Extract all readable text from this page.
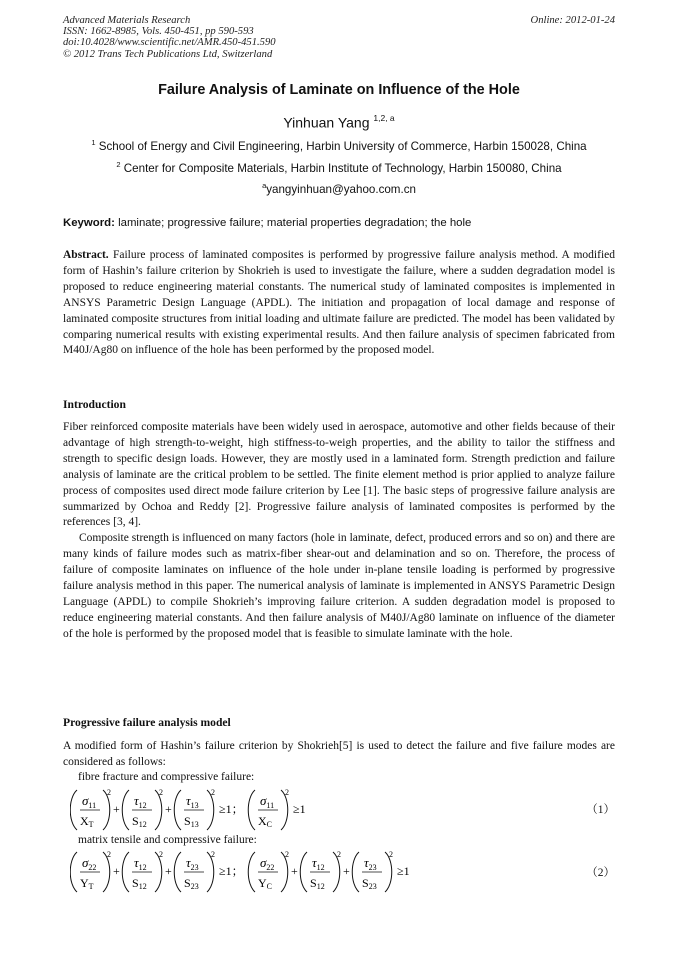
Advanced Materials Research
ISSN: 1662-8985, Vols. 450-451, pp 590-593
doi:10.4028/www.scientific.net/AMR.450-451.590
© 2012 Trans Tech Publications Ltd, Switzerland
Online: 2012-01-24
Failure Analysis of Laminate on Influence of the Hole
Yinhuan Yang $^{1,2, a}$
$^1$ School of Energy and Civil Engineering, Harbin University of Commerce, Harbin 150028, China
$^2$ Center for Composite Materials, Harbin Institute of Technology, Harbin 150080, China
$^a$yangyinhuan@yahoo.com.cn
Keyword: laminate; progressive failure; material properties degradation; the hole
Abstract. Failure process of laminated composites is performed by progressive failure analysis method. A modified form of Hashin’s failure criterion by Shokrieh is used to investigate the failure, where a sudden degradation model is proposed to reduce engineering material constants. The numerical study of laminated composites is implemented in ANSYS Parametric Design Language (APDL). The initiation and propagation of local damage and response of laminated composite structures from initial loading and ultimate failure are predicted. The model has been validated by comparing numerical results with existing experimental results. And then failure analysis of specimen fabricated from M40J/Ag80 on influence of the hole has been performed by the proposed model.
Introduction
Fiber reinforced composite materials have been widely used in aerospace, automotive and other fields because of their advantage of high strength-to-weight, high stiffness-to-weigh properties, and the ability to tailor the stiffness and strength to specific design loads. However, they are mostly used in a laminated form. Strength prediction and failure analysis of laminate are the critical problem to be settled. The finite element method is prior applied to analyze failure process of composites used direct mode failure criterion by Lee [1]. The basic steps of progressive failure analysis are summarized by Ochoa and Reddy [2]. Progressive failure analysis of laminated composites is performed by the references [3, 4].
Composite strength is influenced on many factors (hole in laminate, defect, produced errors and so on) and there are many kinds of failure modes such as matrix-fiber shear-out and delamination and so on. Therefore, the process of failure of composite laminates on influence of the hole under in-plane tensile loading is performed by progressive failure analysis method in this paper. The numerical analysis of laminate is implemented in ANSYS Parametric Design Language (APDL) to compile Shokrieh’s improving failure criterion. A sudden degradation model is proposed to reduce engineering material constants. And then failure analysis of M40J/Ag80 laminate on influence of the diameter of the hole is performed by the proposed model that is feasible to simulate laminate with the hole.
Progressive failure analysis model
A modified form of Hashin’s failure criterion by Shokrieh[5] is used to detect the failure and five failure modes are considered as follows:
fibre fracture and compressive failure:
$\sigma_{11}$
XT
2
+
$\tau_{12}$
S12
2
+
$\tau_{13}$
S13
2
≥1；
$\sigma_{11}$
XC
2
≥1	（1）
matrix tensile and compressive failure:
$\sigma_{22}$
YT
2
+
$\tau_{12}$
S12
2
+
$\tau_{23}$
S23
2
≥1；
$\sigma_{22}$
YC
2
+
$\tau_{12}$
S12
2
+
$\tau_{23}$
S23
2
≥1	（2）
